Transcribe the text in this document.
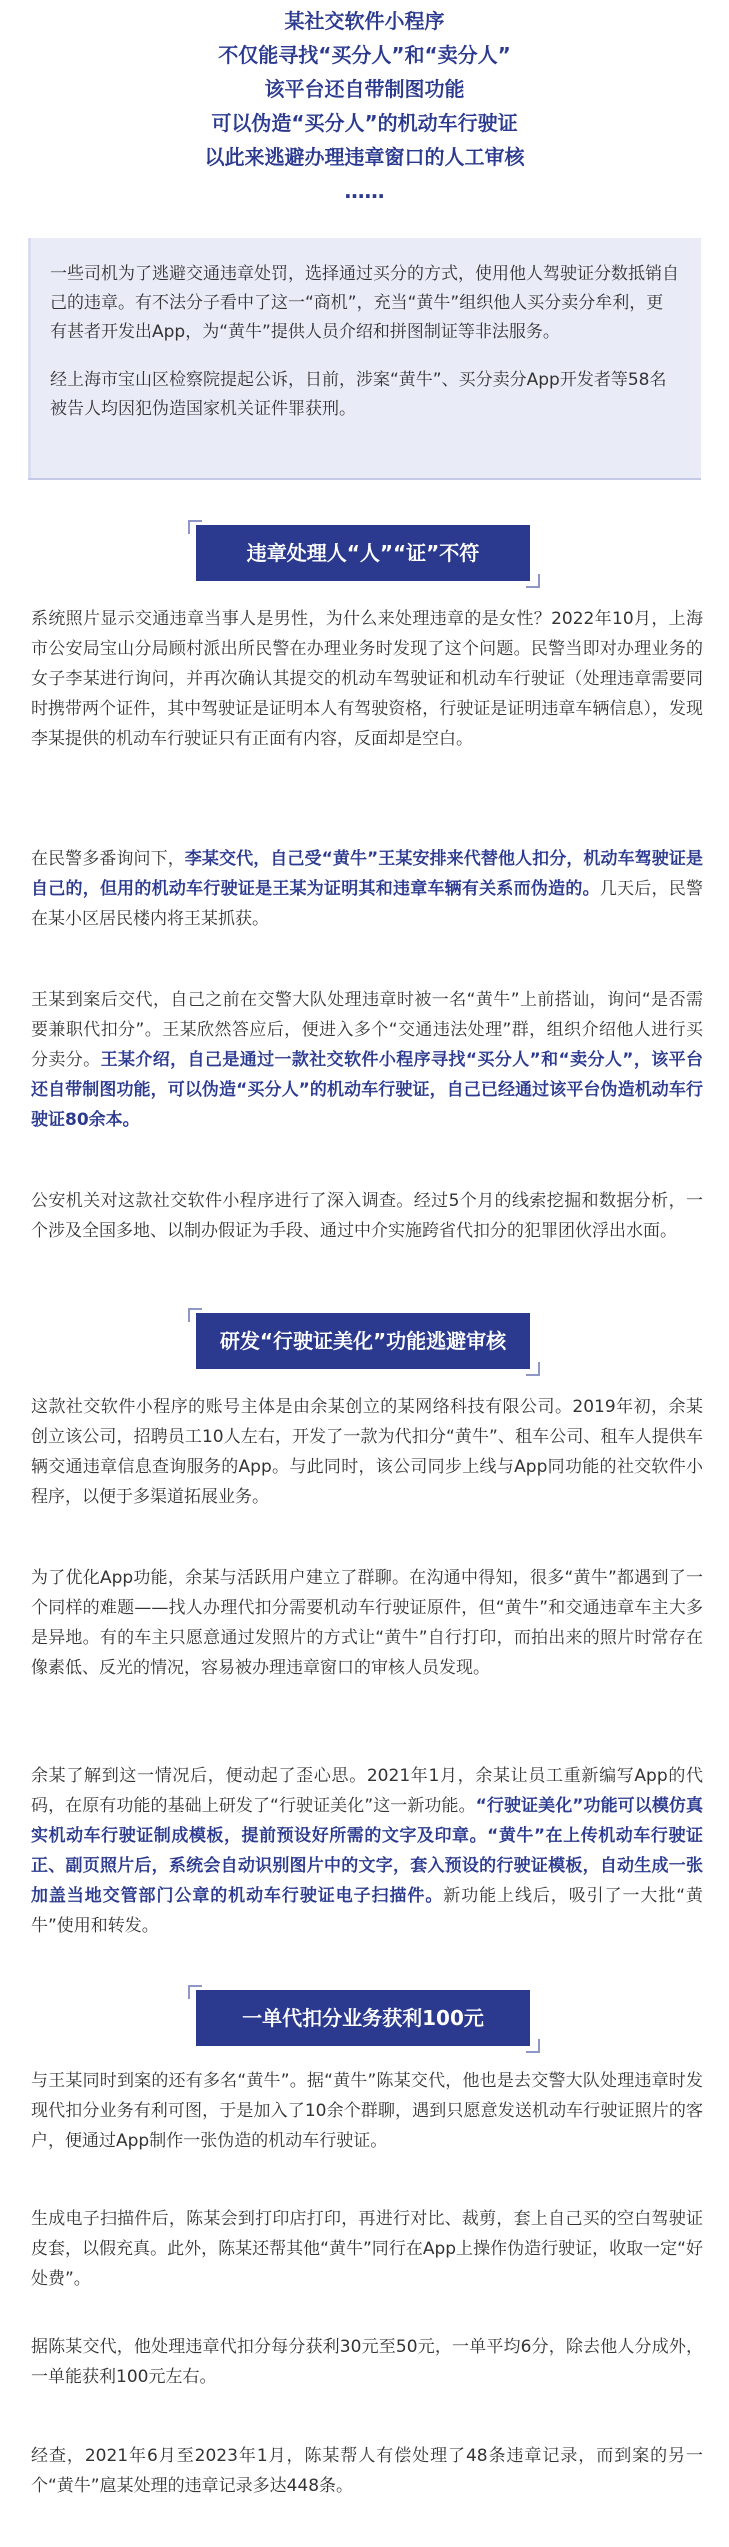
某社交软件小程序
不仅能寻找“买分人”和“卖分人”
该平台还自带制图功能
可以伪造“买分人”的机动车行驶证
以此来逃避办理违章窗口的人工审核
……

一些司机为了逃避交通违章处罚，选择通过买分的方式，使用他人驾驶证分数抵销自己的违章。有不法分子看中了这一“商机”，充当“黄牛”组织他人买分卖分牟利，更有甚者开发出App，为“黄牛”提供人员介绍和拼图制证等非法服务。

经上海市宝山区检察院提起公诉，日前，涉案“黄牛”、买分卖分App开发者等58名被告人均因犯伪造国家机关证件罪获刑。

违章处理人“人”“证”不符
系统照片显示交通违章当事人是男性，为什么来处理违章的是女性？2022年10月，上海市公安局宝山分局顾村派出所民警在办理业务时发现了这个问题。民警当即对办理业务的女子李某进行询问，并再次确认其提交的机动车驾驶证和机动车行驶证（处理违章需要同时携带两个证件，其中驾驶证是证明本人有驾驶资格，行驶证是证明违章车辆信息），发现李某提供的机动车行驶证只有正面有内容，反面却是空白。
在民警多番询问下，李某交代，自己受“黄牛”王某安排来代替他人扣分，机动车驾驶证是自己的，但用的机动车行驶证是王某为证明其和违章车辆有关系而伪造的。几天后，民警在某小区居民楼内将王某抓获。
王某到案后交代，自己之前在交警大队处理违章时被一名“黄牛”上前搭讪，询问“是否需要兼职代扣分”。王某欣然答应后，便进入多个“交通违法处理”群，组织介绍他人进行买分卖分。王某介绍，自己是通过一款社交软件小程序寻找“买分人”和“卖分人”，该平台还自带制图功能，可以伪造“买分人”的机动车行驶证，自己已经通过该平台伪造机动车行驶证80余本。
公安机关对这款社交软件小程序进行了深入调查。经过5个月的线索挖掘和数据分析，一个涉及全国多地、以制办假证为手段、通过中介实施跨省代扣分的犯罪团伙浮出水面。
研发“行驶证美化”功能逃避审核
这款社交软件小程序的账号主体是由余某创立的某网络科技有限公司。2019年初，余某创立该公司，招聘员工10人左右，开发了一款为代扣分“黄牛”、租车公司、租车人提供车辆交通违章信息查询服务的App。与此同时，该公司同步上线与App同功能的社交软件小程序，以便于多渠道拓展业务。
为了优化App功能，余某与活跃用户建立了群聊。在沟通中得知，很多“黄牛”都遇到了一个同样的难题——找人办理代扣分需要机动车行驶证原件，但“黄牛”和交通违章车主大多是异地。有的车主只愿意通过发照片的方式让“黄牛”自行打印，而拍出来的照片时常存在像素低、反光的情况，容易被办理违章窗口的审核人员发现。
余某了解到这一情况后，便动起了歪心思。2021年1月，余某让员工重新编写App的代码，在原有功能的基础上研发了“行驶证美化”这一新功能。“行驶证美化”功能可以模仿真实机动车行驶证制成模板，提前预设好所需的文字及印章。“黄牛”在上传机动车行驶证正、副页照片后，系统会自动识别图片中的文字，套入预设的行驶证模板，自动生成一张加盖当地交管部门公章的机动车行驶证电子扫描件。新功能上线后，吸引了一大批“黄牛”使用和转发。
一单代扣分业务获利100元
与王某同时到案的还有多名“黄牛”。据“黄牛”陈某交代，他也是去交警大队处理违章时发现代扣分业务有利可图，于是加入了10余个群聊，遇到只愿意发送机动车行驶证照片的客户，便通过App制作一张伪造的机动车行驶证。
生成电子扫描件后，陈某会到打印店打印，再进行对比、裁剪，套上自己买的空白驾驶证皮套，以假充真。此外，陈某还帮其他“黄牛”同行在App上操作伪造行驶证，收取一定“好处费”。
据陈某交代，他处理违章代扣分每分获利30元至50元，一单平均6分，除去他人分成外，一单能获利100元左右。
经查，2021年6月至2023年1月，陈某帮人有偿处理了48条违章记录，而到案的另一个“黄牛”扈某处理的违章记录多达448条。
